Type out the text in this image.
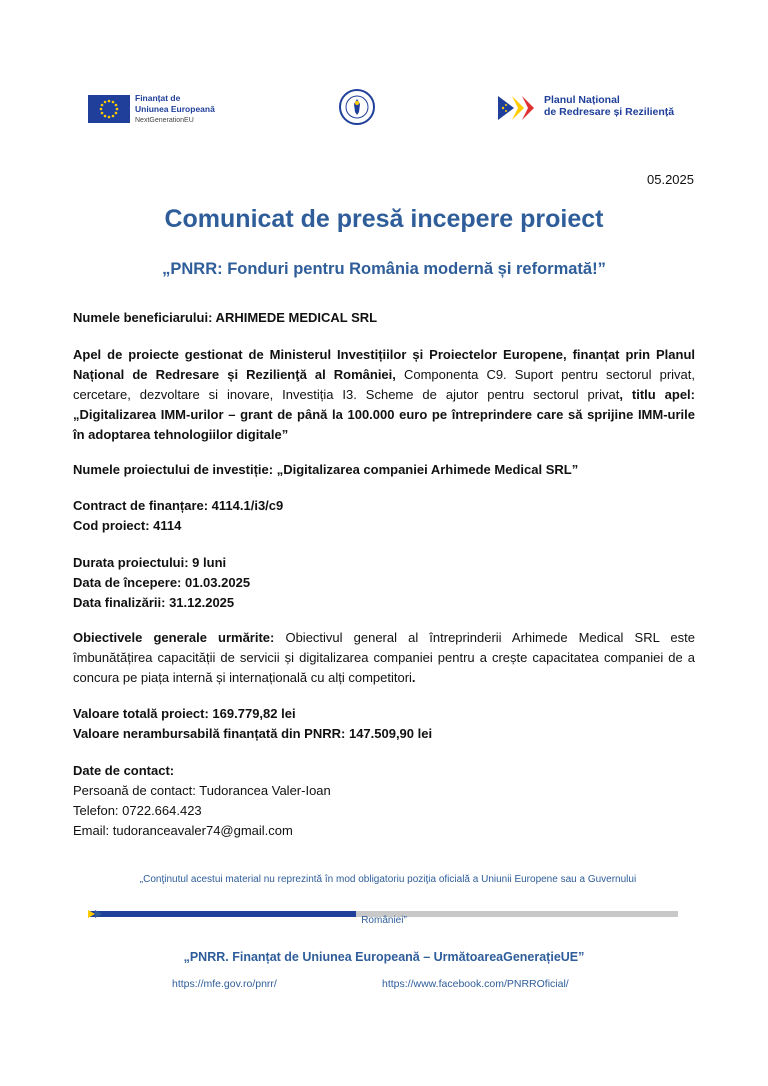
Finanțat de
Uniunea Europeană
NextGenerationEU
Planul Național
de Redresare și Reziliență
05.2025
Comunicat de presă incepere proiect
„PNRR: Fonduri pentru România modernă și reformată!”

Numele beneficiarului: ARHIMEDE MEDICAL SRL

Apel de proiecte gestionat de Ministerul Investițiilor și Proiectelor Europene, finanțat prin Planul Național de Redresare și Rezilienţă al României, Componenta C9. Suport pentru sectorul privat, cercetare, dezvoltare si inovare, Investiția I3. Scheme de ajutor pentru sectorul privat, titlu apel: „Digitalizarea IMM-urilor – grant de până la 100.000 euro pe întreprindere care să sprijine IMM-urile în adoptarea tehnologiilor digitale”

Numele proiectului de investiție: „Digitalizarea companiei Arhimede Medical SRL”

Contract de finanțare: 4114.1/i3/c9
Cod proiect: 4114
Durata proiectului: 9 luni
Data de începere: 01.03.2025
Data finalizării: 31.12.2025

Obiectivele generale urmărite: Obiectivul general al întreprinderii Arhimede Medical SRL este îmbunătățirea capacității de servicii și digitalizarea companiei pentru a crește capacitatea companiei de a concura pe piața internă și internațională cu alți competitori.

Valoare totală proiect: 169.779,82 lei
Valoare nerambursabilă finanțată din PNRR: 147.509,90 lei
Date de contact:
Persoană de contact: Tudorancea Valer-Ioan
Telefon: 0722.664.423
Email: tudoranceavaler74@gmail.com
„Conţinutul acestui material nu reprezintă în mod obligatoriu poziţia oficială a Uniunii Europene sau a Guvernului
României”
„PNRR. Finanțat de Uniunea Europeană – UrmătoareaGenerațieUE”
https://mfe.gov.ro/pnrr/	https://www.facebook.com/PNRROficial/
